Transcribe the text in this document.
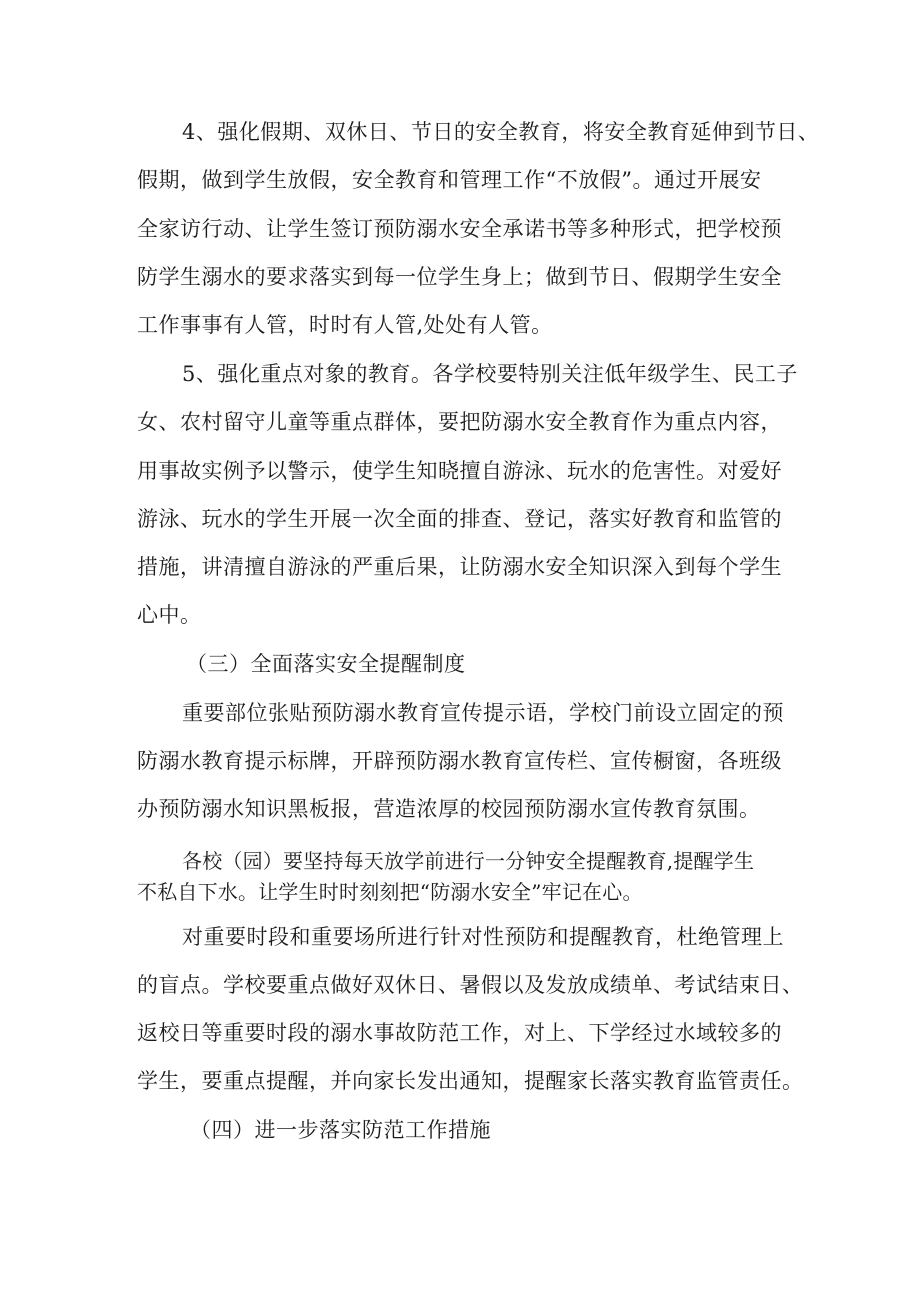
4、强化假期、双休日、节日的安全教育，将安全教育延伸到节日、
假期，做到学生放假，安全教育和管理工作“不放假”。通过开展安
全家访行动、让学生签订预防溺水安全承诺书等多种形式，把学校预
防学生溺水的要求落实到每一位学生身上；做到节日、假期学生安全
工作事事有人管，时时有人管,处处有人管。
5、强化重点对象的教育。各学校要特别关注低年级学生、民工子
女、农村留守儿童等重点群体，要把防溺水安全教育作为重点内容，
用事故实例予以警示，使学生知晓擅自游泳、玩水的危害性。对爱好
游泳、玩水的学生开展一次全面的排查、登记，落实好教育和监管的
措施，讲清擅自游泳的严重后果，让防溺水安全知识深入到每个学生
心中。
（三）全面落实安全提醒制度
重要部位张贴预防溺水教育宣传提示语，学校门前设立固定的预
防溺水教育提示标牌，开辟预防溺水教育宣传栏、宣传橱窗，各班级
办预防溺水知识黑板报，营造浓厚的校园预防溺水宣传教育氛围。
各校（园）要坚持每天放学前进行一分钟安全提醒教育,提醒学生
不私自下水。让学生时时刻刻把“防溺水安全”牢记在心。
对重要时段和重要场所进行针对性预防和提醒教育，杜绝管理上
的盲点。学校要重点做好双休日、暑假以及发放成绩单、考试结束日、
返校日等重要时段的溺水事故防范工作，对上、下学经过水域较多的
学生，要重点提醒，并向家长发出通知，提醒家长落实教育监管责任。
（四）进一步落实防范工作措施
